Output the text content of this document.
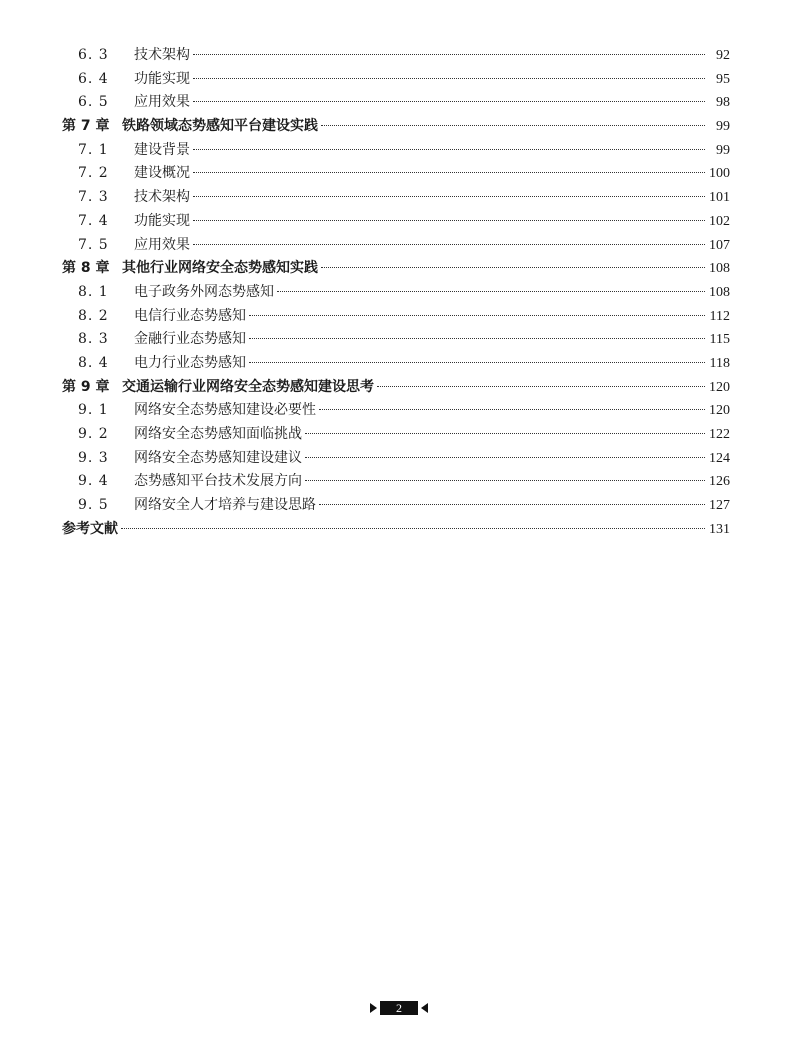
6. 3	技术架构	92
6. 4	功能实现	95
6. 5	应用效果	98
第 7 章 铁路领域态势感知平台建设实践	99
7. 1	建设背景	99
7. 2	建设概况	100
7. 3	技术架构	101
7. 4	功能实现	102
7. 5	应用效果	107
第 8 章 其他行业网络安全态势感知实践	108
8. 1	电子政务外网态势感知	108
8. 2	电信行业态势感知	112
8. 3	金融行业态势感知	115
8. 4	电力行业态势感知	118
第 9 章 交通运输行业网络安全态势感知建设思考	120
9. 1	网络安全态势感知建设必要性	120
9. 2	网络安全态势感知面临挑战	122
9. 3	网络安全态势感知建设建议	124
9. 4	态势感知平台技术发展方向	126
9. 5	网络安全人才培养与建设思路	127
参考文献	131
2
